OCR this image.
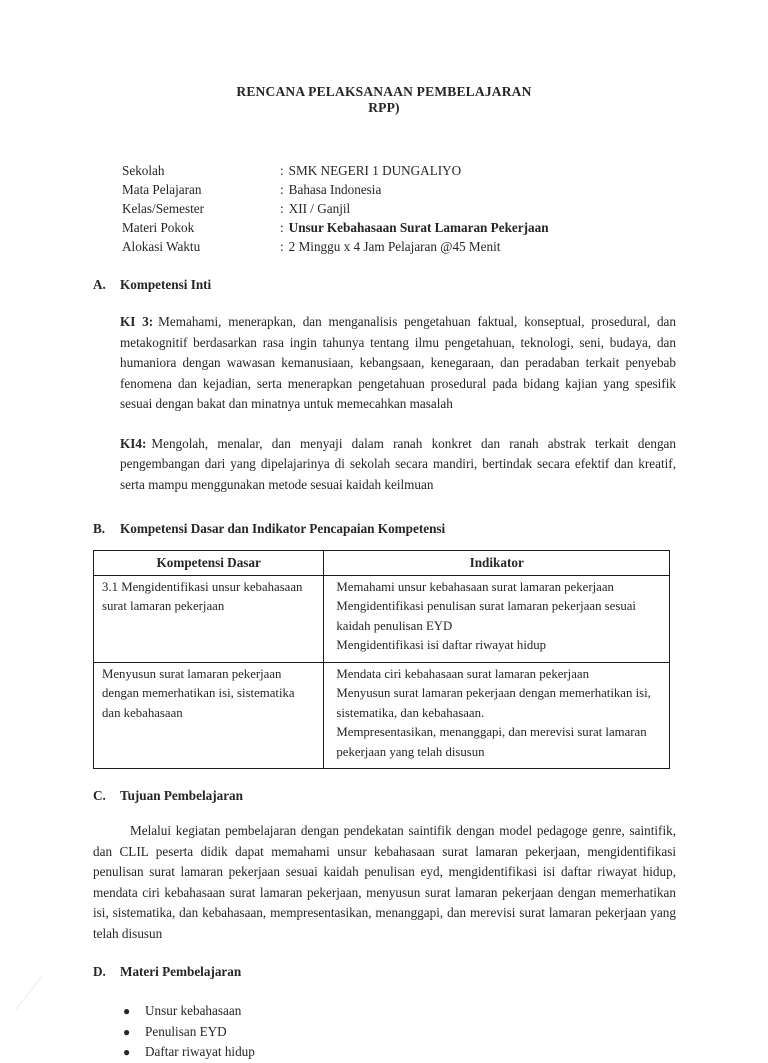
RENCANA PELAKSANAAN PEMBELAJARAN
RPP)
Sekolah	: SMK NEGERI 1 DUNGALIYO
Mata Pelajaran	: Bahasa Indonesia
Kelas/Semester	: XII / Ganjil
Materi Pokok	: Unsur Kebahasaan Surat Lamaran Pekerjaan
Alokasi Waktu	: 2 Minggu x 4 Jam Pelajaran @45 Menit
A.	Kompetensi Inti
KI 3: Memahami, menerapkan, dan menganalisis pengetahuan faktual, konseptual, prosedural, dan metakognitif berdasarkan rasa ingin tahunya tentang ilmu pengetahuan, teknologi, seni, budaya, dan humaniora dengan wawasan kemanusiaan, kebangsaan, kenegaraan, dan peradaban terkait penyebab fenomena dan kejadian, serta menerapkan pengetahuan prosedural pada bidang kajian yang spesifik sesuai dengan bakat dan minatnya untuk memecahkan masalah
KI4: Mengolah, menalar, dan menyaji dalam ranah konkret dan ranah abstrak terkait dengan pengembangan dari yang dipelajarinya di sekolah secara mandiri, bertindak secara efektif dan kreatif, serta mampu menggunakan metode sesuai kaidah keilmuan
B.	Kompetensi Dasar dan Indikator Pencapaian Kompetensi
Kompetensi Dasar	Indikator

3.1 Mengidentifikasi unsur kebahasaan surat lamaran pekerjaan	Memahami unsur kebahasaan surat lamaran pekerjaan

Mengidentifikasi penulisan surat lamaran pekerjaan sesuai kaidah penulisan EYD

Mengidentifikasi isi daftar riwayat hidup

Menyusun surat lamaran pekerjaan dengan memerhatikan isi, sistematika dan kebahasaan	Mendata ciri kebahasaan surat lamaran pekerjaan

Menyusun surat lamaran pekerjaan dengan memerhatikan isi, sistematika, dan kebahasaan.

Mempresentasikan, menanggapi, dan merevisi surat lamaran pekerjaan yang telah disusun

C.	Tujuan Pembelajaran
Melalui kegiatan pembelajaran dengan pendekatan saintifik dengan model pedagoge genre, saintifik, dan CLIL peserta didik dapat memahami unsur kebahasaan surat lamaran pekerjaan, mengidentifikasi penulisan surat lamaran pekerjaan sesuai kaidah penulisan eyd, mengidentifikasi isi daftar riwayat hidup, mendata ciri kebahasaan surat lamaran pekerjaan, menyusun surat lamaran pekerjaan dengan memerhatikan isi, sistematika, dan kebahasaan, mempresentasikan, menanggapi, dan merevisi surat lamaran pekerjaan yang telah disusun
D.	Materi Pembelajaran
●	Unsur kebahasaan
●	Penulisan EYD
●	Daftar riwayat hidup
